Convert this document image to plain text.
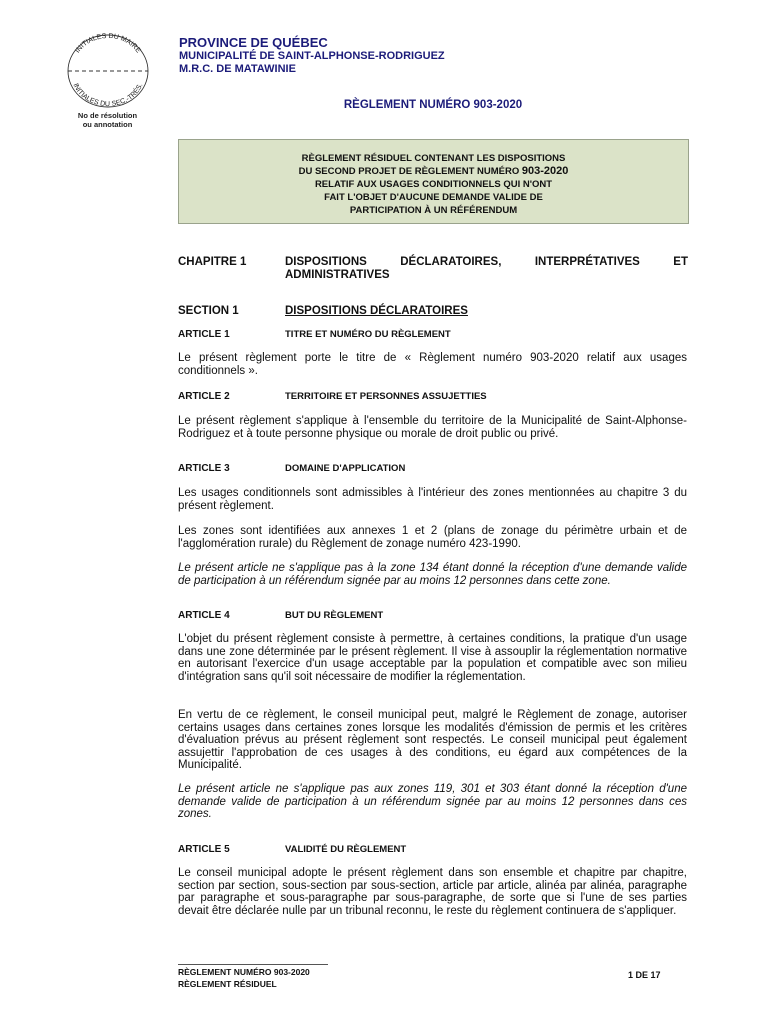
INITIALES DU MAIRE
INITIALES DU SEC.-TRÉS.
No de résolution
ou annotation
PROVINCE DE QUÉBEC
MUNICIPALITÉ DE SAINT-ALPHONSE-RODRIGUEZ
M.R.C. DE MATAWINIE
RÈGLEMENT NUMÉRO 903-2020
RÈGLEMENT RÉSIDUEL CONTENANT LES DISPOSITIONS
DU SECOND PROJET DE RÈGLEMENT NUMÉRO 903-2020
RELATIF AUX USAGES CONDITIONNELS QUI N'ONT
FAIT L'OBJET D'AUCUNE DEMANDE VALIDE DE
PARTICIPATION À UN RÉFÉRENDUM
CHAPITRE 1	DISPOSITIONS DÉCLARATOIRES, INTERPRÉTATIVES ET
ADMINISTRATIVES
SECTION 1	DISPOSITIONS DÉCLARATOIRES
ARTICLE 1	TITRE ET NUMÉRO DU RÈGLEMENT
Le présent règlement porte le titre de « Règlement numéro 903-2020 relatif aux usages conditionnels ».
ARTICLE 2	TERRITOIRE ET PERSONNES ASSUJETTIES
Le présent règlement s'applique à l'ensemble du territoire de la Municipalité de Saint-Alphonse-Rodriguez et à toute personne physique ou morale de droit public ou privé.
ARTICLE 3	DOMAINE D'APPLICATION
Les usages conditionnels sont admissibles à l'intérieur des zones mentionnées au chapitre 3 du présent règlement.
Les zones sont identifiées aux annexes 1 et 2 (plans de zonage du périmètre urbain et de l'agglomération rurale) du Règlement de zonage numéro 423-1990.
Le présent article ne s'applique pas à la zone 134 étant donné la réception d'une demande valide de participation à un référendum signée par au moins 12 personnes dans cette zone.
ARTICLE 4	BUT DU RÈGLEMENT
L'objet du présent règlement consiste à permettre, à certaines conditions, la pratique d'un usage dans une zone déterminée par le présent règlement. Il vise à assouplir la réglementation normative en autorisant l'exercice d'un usage acceptable par la population et compatible avec son milieu d'intégration sans qu'il soit nécessaire de modifier la réglementation.
En vertu de ce règlement, le conseil municipal peut, malgré le Règlement de zonage, autoriser certains usages dans certaines zones lorsque les modalités d'émission de permis et les critères d'évaluation prévus au présent règlement sont respectés. Le conseil municipal peut également assujettir l'approbation de ces usages à des conditions, eu égard aux compétences de la Municipalité.
Le présent article ne s'applique pas aux zones 119, 301 et 303 étant donné la réception d'une demande valide de participation à un référendum signée par au moins 12 personnes dans ces zones.
ARTICLE 5	VALIDITÉ DU RÈGLEMENT
Le conseil municipal adopte le présent règlement dans son ensemble et chapitre par chapitre, section par section, sous-section par sous-section, article par article, alinéa par alinéa, paragraphe par paragraphe et sous-paragraphe par sous-paragraphe, de sorte que si l'une de ses parties devait être déclarée nulle par un tribunal reconnu, le reste du règlement continuera de s'appliquer.
RÈGLEMENT NUMÉRO 903-2020
RÈGLEMENT RÉSIDUEL
1 DE 17
